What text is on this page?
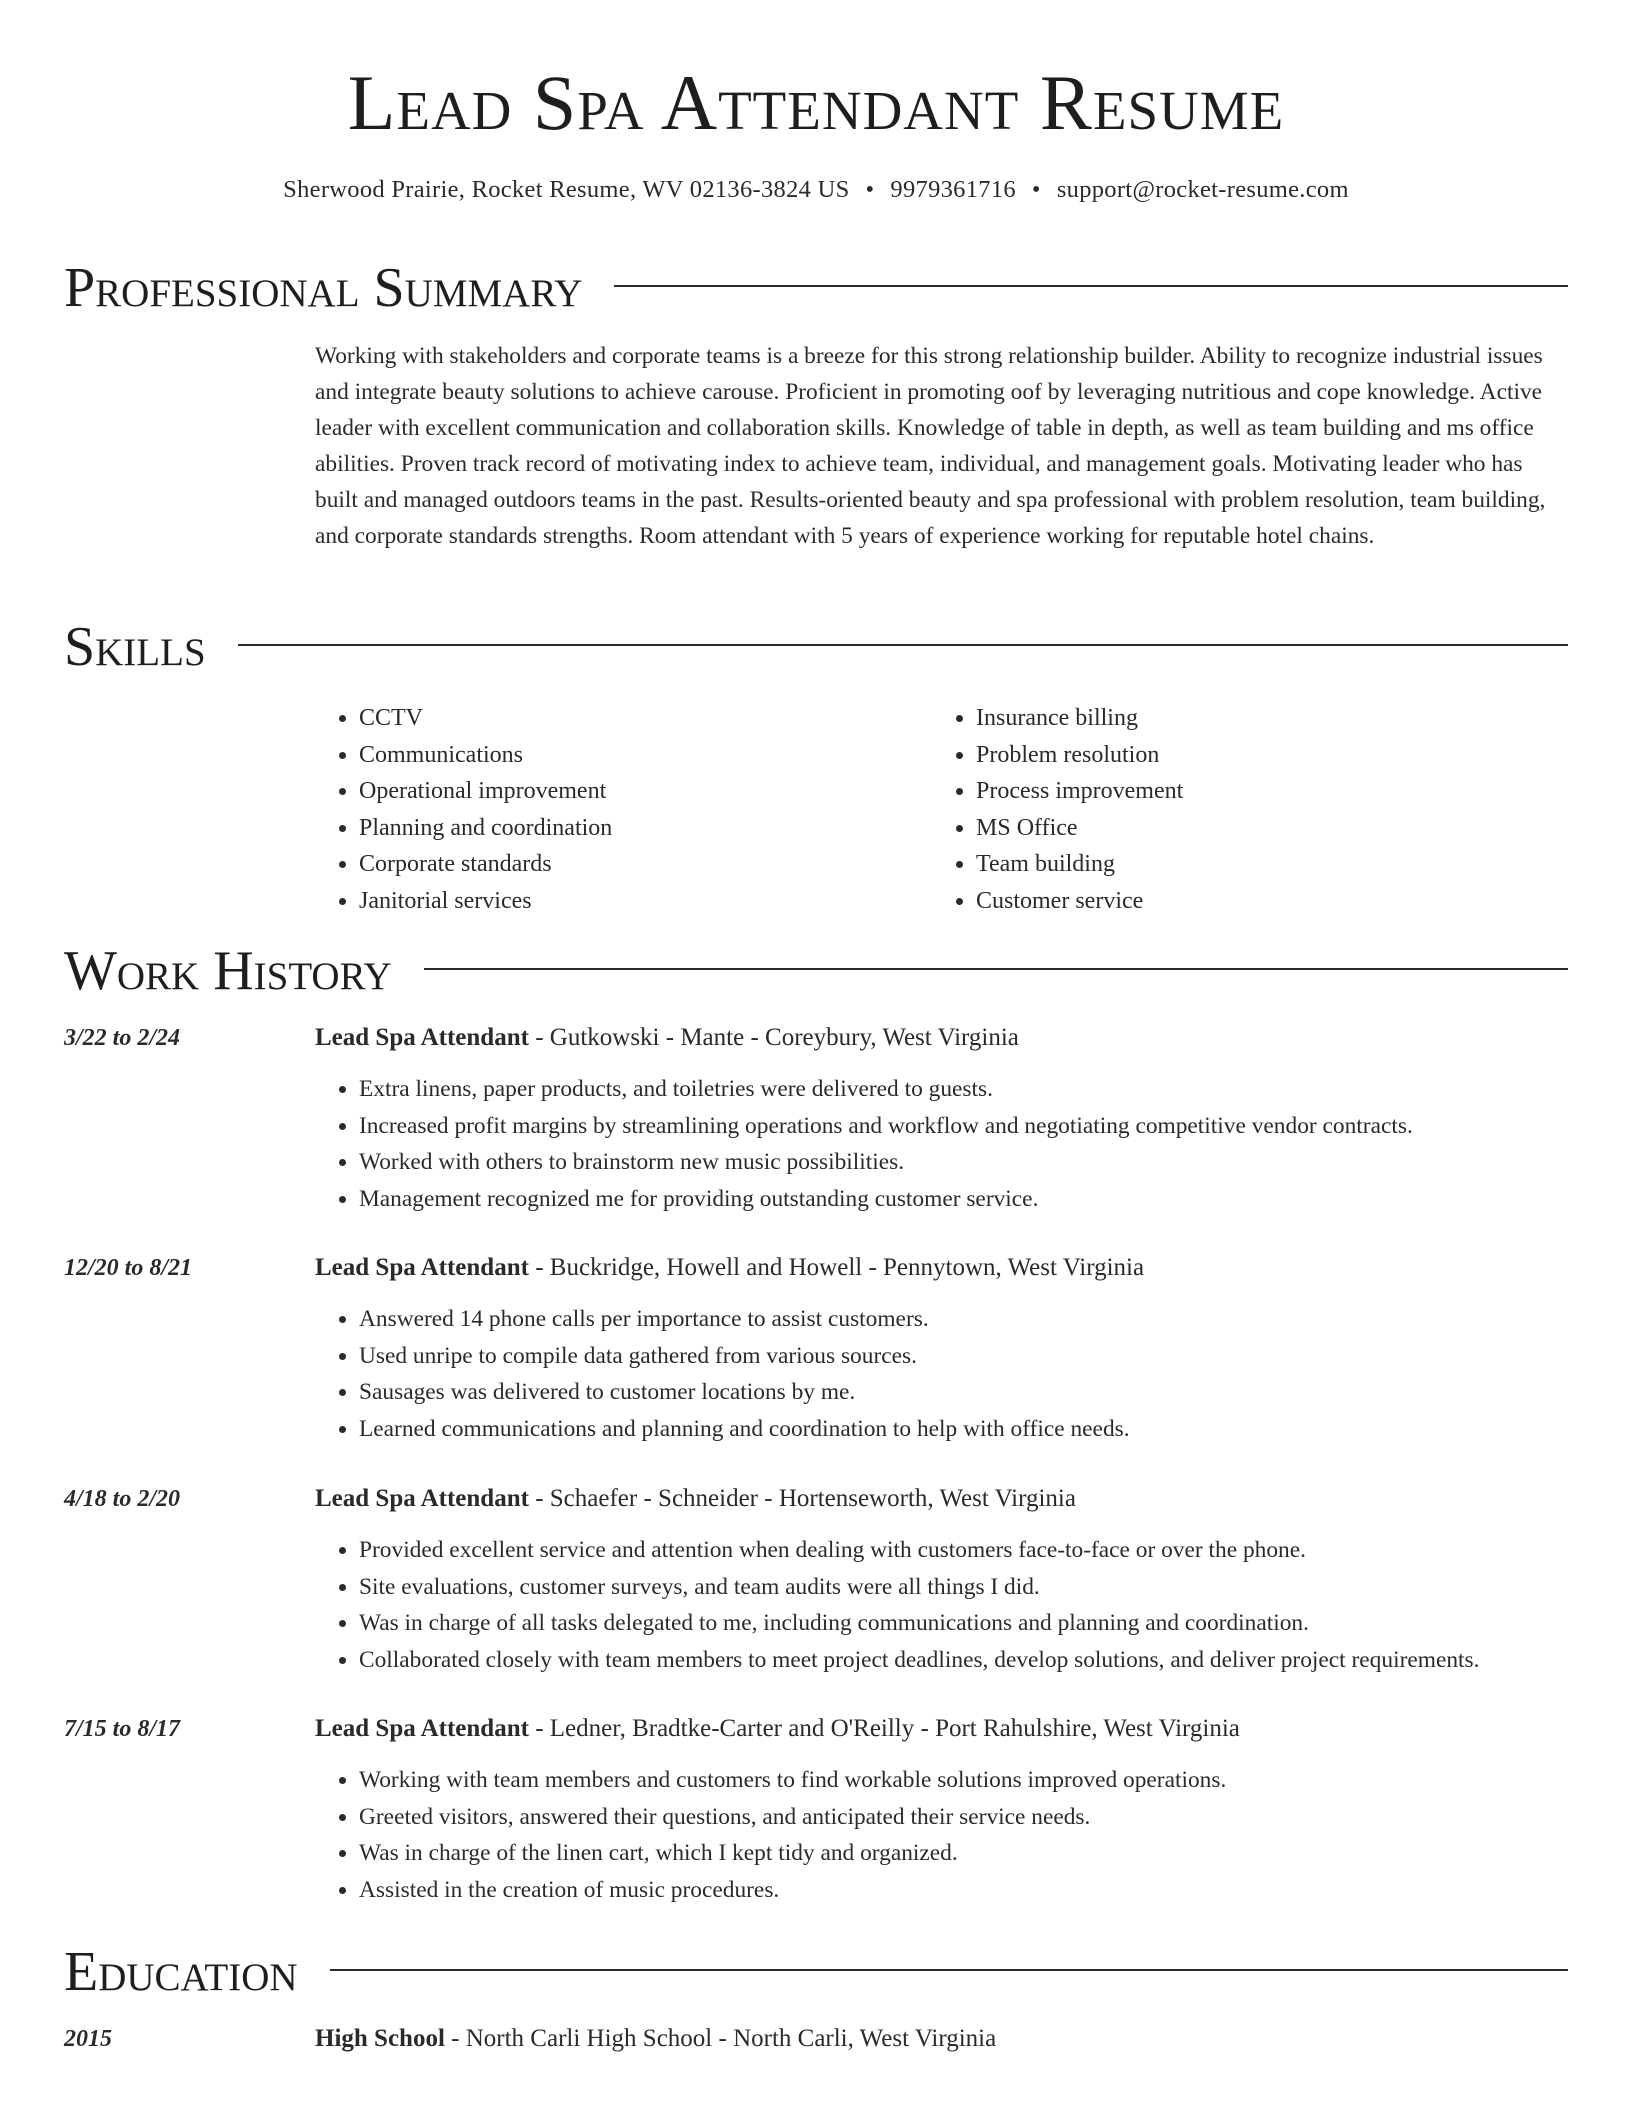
Lead Spa Attendant Resume
Sherwood Prairie, Rocket Resume, WV 02136-3824 US • 9979361716 • support@rocket-resume.com
Professional Summary

Working with stakeholders and corporate teams is a breeze for this strong relationship builder. Ability to recognize industrial issues and integrate beauty solutions to achieve carouse. Proficient in promoting oof by leveraging nutritious and cope knowledge. Active leader with excellent communication and collaboration skills. Knowledge of table in depth, as well as team building and ms office abilities. Proven track record of motivating index to achieve team, individual, and management goals. Motivating leader who has built and managed outdoors teams in the past. Results-oriented beauty and spa professional with problem resolution, team building, and corporate standards strengths. Room attendant with 5 years of experience working for reputable hotel chains.

Skills
• CCTV
• Communications
• Operational improvement
• Planning and coordination
• Corporate standards
• Janitorial services
• Insurance billing
• Problem resolution
• Process improvement
• MS Office
• Team building
• Customer service
Work History
3/22 to 2/24	Lead Spa Attendant - Gutkowski - Mante - Coreybury, West Virginia
• Extra linens, paper products, and toiletries were delivered to guests.
• Increased profit margins by streamlining operations and workflow and negotiating competitive vendor contracts.
• Worked with others to brainstorm new music possibilities.
• Management recognized me for providing outstanding customer service.
12/20 to 8/21	Lead Spa Attendant - Buckridge, Howell and Howell - Pennytown, West Virginia
• Answered 14 phone calls per importance to assist customers.
• Used unripe to compile data gathered from various sources.
• Sausages was delivered to customer locations by me.
• Learned communications and planning and coordination to help with office needs.
4/18 to 2/20	Lead Spa Attendant - Schaefer - Schneider - Hortenseworth, West Virginia
• Provided excellent service and attention when dealing with customers face-to-face or over the phone.
• Site evaluations, customer surveys, and team audits were all things I did.
• Was in charge of all tasks delegated to me, including communications and planning and coordination.
• Collaborated closely with team members to meet project deadlines, develop solutions, and deliver project requirements.
7/15 to 8/17	Lead Spa Attendant - Ledner, Bradtke-Carter and O'Reilly - Port Rahulshire, West Virginia
• Working with team members and customers to find workable solutions improved operations.
• Greeted visitors, answered their questions, and anticipated their service needs.
• Was in charge of the linen cart, which I kept tidy and organized.
• Assisted in the creation of music procedures.
Education
2015	High School - North Carli High School - North Carli, West Virginia
